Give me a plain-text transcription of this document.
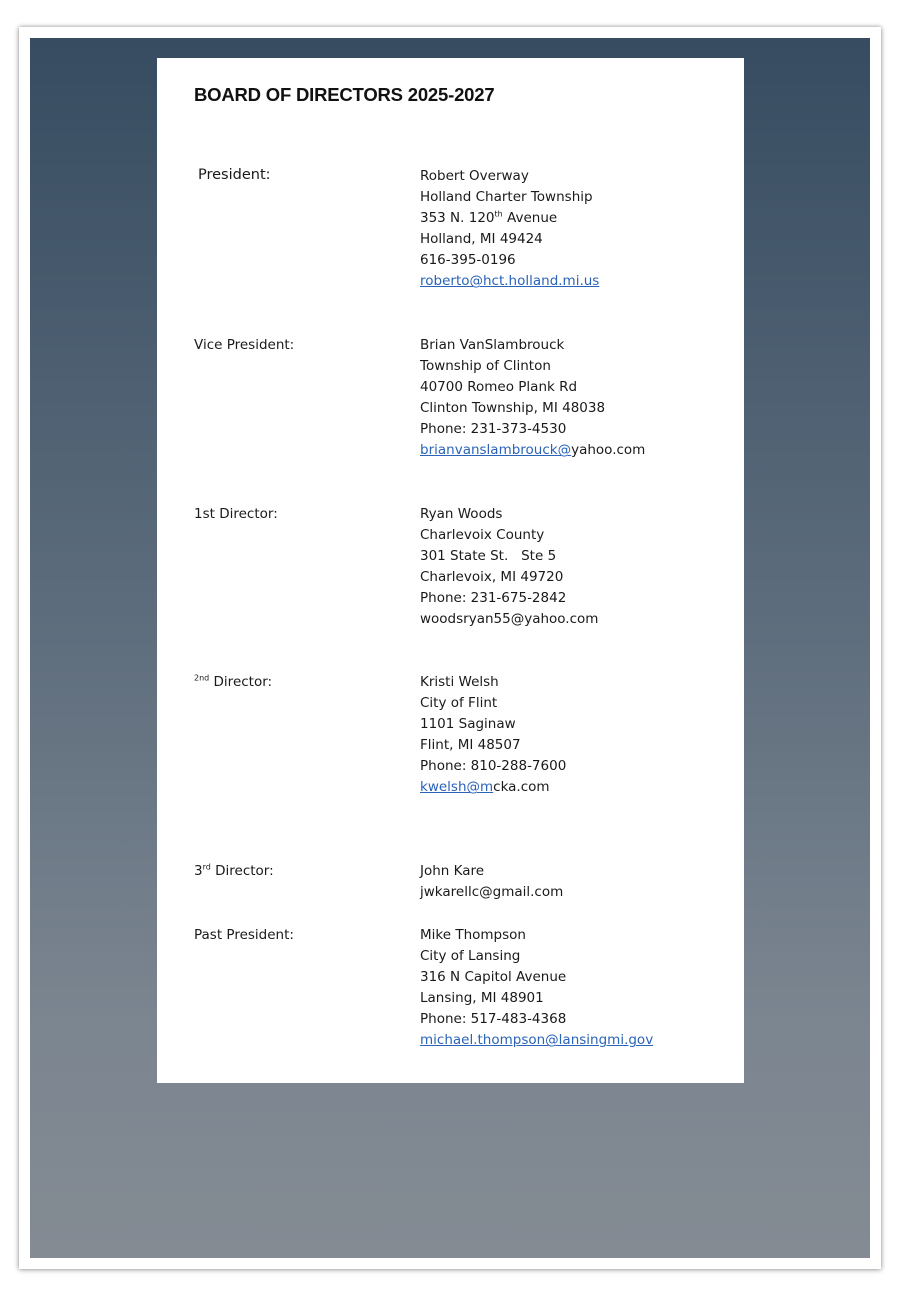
BOARD OF DIRECTORS 2025-2027
President:	Robert Overway
Holland Charter Township
353 N. 120th Avenue
Holland, MI 49424
616-395-0196
roberto@hct.holland.mi.us
Vice President:	Brian VanSlambrouck
Township of Clinton
40700 Romeo Plank Rd
Clinton Township, MI 48038
Phone: 231-373-4530
brianvanslambrouck@yahoo.com
1st Director:	Ryan Woods
Charlevoix County
301 State St.   Ste 5
Charlevoix, MI 49720
Phone: 231-675-2842
woodsryan55@yahoo.com
$^{2nd}$ Director:	Kristi Welsh
City of Flint
1101 Saginaw
Flint, MI 48507
Phone: 810-288-7600
kwelsh@mcka.com
3rd Director:	John Kare
jwkarellc@gmail.com
Past President:	Mike Thompson
City of Lansing
316 N Capitol Avenue
Lansing, MI 48901
Phone: 517-483-4368
michael.thompson@lansingmi.gov
